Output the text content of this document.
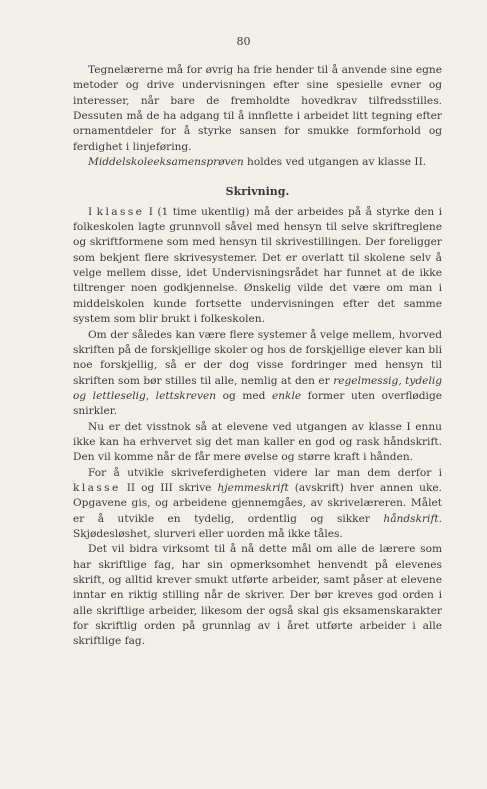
80

Tegnelærerne må for øvrig ha frie hender til å anvende sine egne metoder og drive undervisningen efter sine spesielle evner og interesser, når bare de fremholdte hovedkrav tilfredsstilles. Dessuten må de ha adgang til å innflette i arbeidet litt tegning efter ornamentdeler for å styrke sansen for smukke formforhold og ferdighet i linjeføring.

Middelskoleeksamensprøven holdes ved utgangen av klasse II.

Skrivning.

I klasse I (1 time ukentlig) må der arbeides på å styrke den i folkeskolen lagte grunnvoll såvel med hensyn til selve skriftreglene og skriftformene som med hensyn til skrivestillingen. Der foreligger som bekjent flere skrivesystemer. Det er overlatt til skolene selv å velge mellem disse, idet Undervisningsrådet har funnet at de ikke tiltrenger noen godkjennelse. Ønskelig vilde det være om man i middelskolen kunde fortsette undervisningen efter det samme system som blir brukt i folkeskolen.

Om der således kan være flere systemer å velge mellem, hvorved skriften på de forskjellige skoler og hos de forskjellige elever kan bli noe forskjellig, så er der dog visse fordringer med hensyn til skriften som bør stilles til alle, nemlig at den er regelmessig, tydelig og lettleselig, lettskreven og med enkle former uten overflødige snirkler.

Nu er det visstnok så at elevene ved utgangen av klasse I ennu ikke kan ha erhvervet sig det man kaller en god og rask håndskrift. Den vil komme når de får mere øvelse og større kraft i hånden.

For å utvikle skriveferdigheten videre lar man dem derfor i klasse II og III skrive hjemmeskrift (avskrift) hver annen uke. Opgavene gis, og arbeidene gjennemgåes, av skrivelæreren. Målet er å utvikle en tydelig, ordentlig og sikker håndskrift. Skjødesløshet, slurveri eller uorden må ikke tåles.

Det vil bidra virksomt til å nå dette mål om alle de lærere som har skriftlige fag, har sin opmerksomhet henvendt på elevenes skrift, og alltid krever smukt utførte arbeider, samt påser at elevene inntar en riktig stilling når de skriver. Der bør kreves god orden i alle skriftlige arbeider, likesom der også skal gis eksamenskarakter for skriftlig orden på grunnlag av i året utførte arbeider i alle skriftlige fag.
